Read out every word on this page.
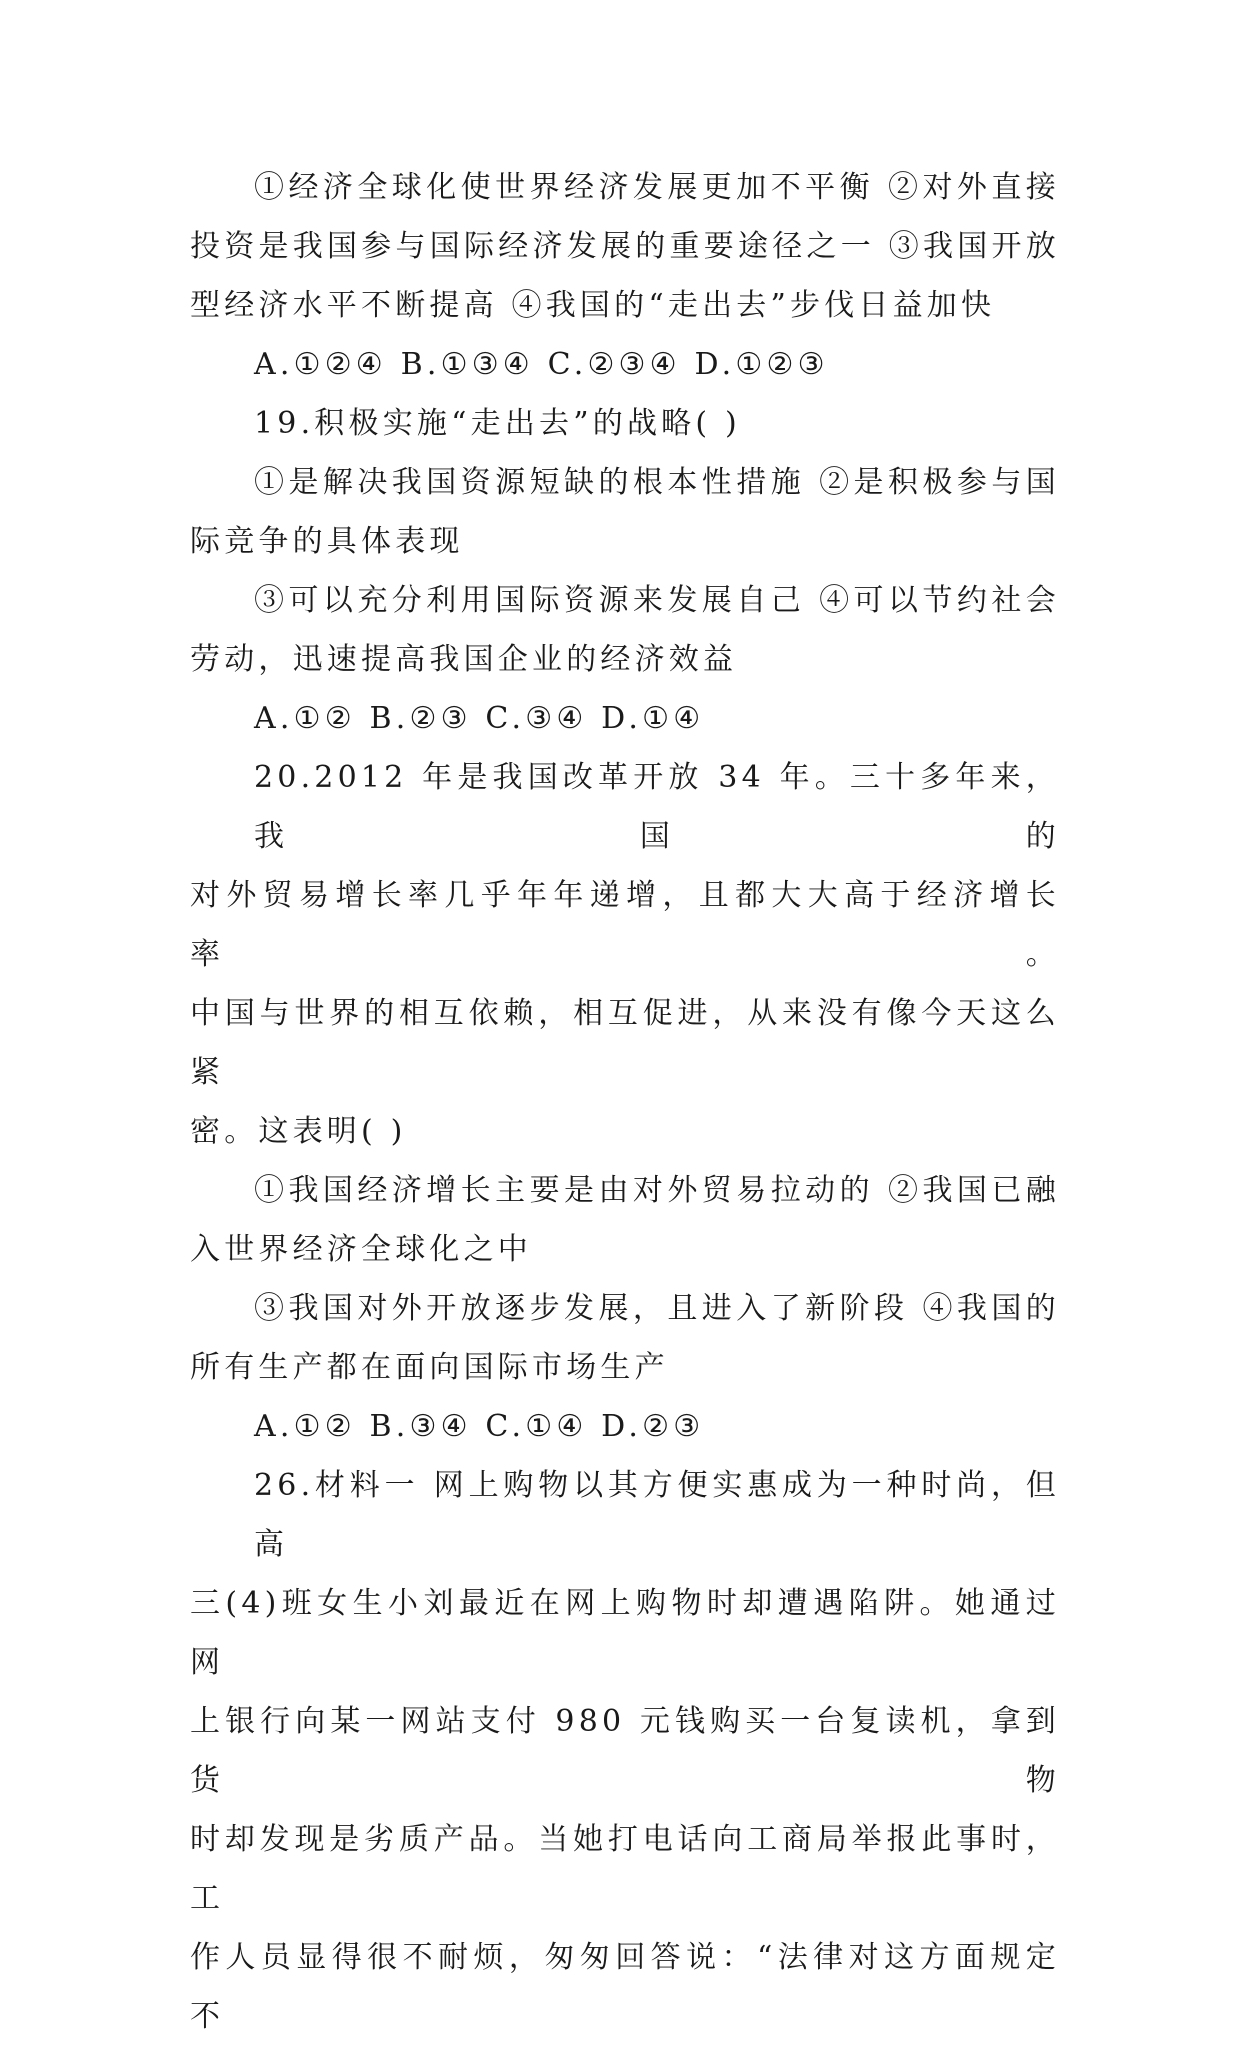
①经济全球化使世界经济发展更加不平衡 ②对外直接
投资是我国参与国际经济发展的重要途径之一 ③我国开放
型经济水平不断提高 ④我国的“走出去”步伐日益加快
A.①②④ B.①③④ C.②③④ D.①②③
19.积极实施“走出去”的战略( )
①是解决我国资源短缺的根本性措施 ②是积极参与国
际竞争的具体表现
③可以充分利用国际资源来发展自己 ④可以节约社会
劳动，迅速提高我国企业的经济效益
A.①② B.②③ C.③④ D.①④
20.2012 年是我国改革开放 34 年。三十多年来，我国的
对外贸易增长率几乎年年递增，且都大大高于经济增长率。
中国与世界的相互依赖，相互促进，从来没有像今天这么紧
密。这表明( )
①我国经济增长主要是由对外贸易拉动的 ②我国已融
入世界经济全球化之中
③我国对外开放逐步发展，且进入了新阶段 ④我国的
所有生产都在面向国际市场生产
A.①② B.③④ C.①④ D.②③
26.材料一 网上购物以其方便实惠成为一种时尚，但高
三(4)班女生小刘最近在网上购物时却遭遇陷阱。她通过网
上银行向某一网站支付 980 元钱购买一台复读机，拿到货物
时却发现是劣质产品。当她打电话向工商局举报此事时，工
作人员显得很不耐烦，匆匆回答说：“法律对这方面规定不
